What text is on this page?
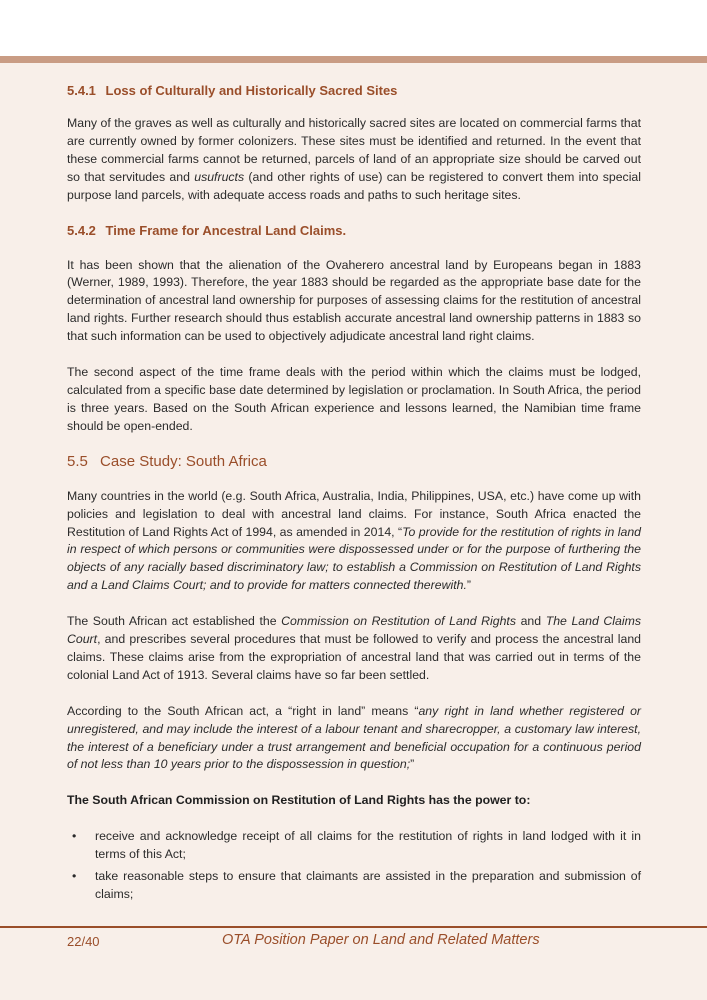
5.4.1 Loss of Culturally and Historically Sacred Sites

Many of the graves as well as culturally and historically sacred sites are located on commercial farms that are currently owned by former colonizers. These sites must be identified and returned. In the event that these commercial farms cannot be returned, parcels of land of an appropriate size should be carved out so that servitudes and usufructs (and other rights of use) can be registered to convert them into special purpose land parcels, with adequate access roads and paths to such heritage sites.

5.4.2 Time Frame for Ancestral Land Claims.

It has been shown that the alienation of the Ovaherero ancestral land by Europeans began in 1883 (Werner, 1989, 1993). Therefore, the year 1883 should be regarded as the appropriate base date for the determination of ancestral land ownership for purposes of assessing claims for the restitution of ancestral land rights. Further research should thus establish accurate ancestral land ownership patterns in 1883 so that such information can be used to objectively adjudicate ancestral land right claims.

The second aspect of the time frame deals with the period within which the claims must be lodged, calculated from a specific base date determined by legislation or proclamation. In South Africa, the period is three years. Based on the South African experience and lessons learned, the Namibian time frame should be open-ended.

5.5 Case Study: South Africa

Many countries in the world (e.g. South Africa, Australia, India, Philippines, USA, etc.) have come up with policies and legislation to deal with ancestral land claims. For instance, South Africa enacted the Restitution of Land Rights Act of 1994, as amended in 2014, “To provide for the restitution of rights in land in respect of which persons or communities were dispossessed under or for the purpose of furthering the objects of any racially based discriminatory law; to establish a Commission on Restitution of Land Rights and a Land Claims Court; and to provide for matters connected therewith.”

The South African act established the Commission on Restitution of Land Rights and The Land Claims Court, and prescribes several procedures that must be followed to verify and process the ancestral land claims. These claims arise from the expropriation of ancestral land that was carried out in terms of the colonial Land Act of 1913. Several claims have so far been settled.

According to the South African act, a “right in land” means “any right in land whether registered or unregistered, and may include the interest of a labour tenant and sharecropper, a customary law interest, the interest of a beneficiary under a trust arrangement and beneficial occupation for a continuous period of not less than 10 years prior to the dispossession in question;”

The South African Commission on Restitution of Land Rights has the power to:

• receive and acknowledge receipt of all claims for the restitution of rights in land lodged with it in terms of this Act;
• take reasonable steps to ensure that claimants are assisted in the preparation and submission of claims;
22/40	OTA Position Paper on Land and Related Matters
